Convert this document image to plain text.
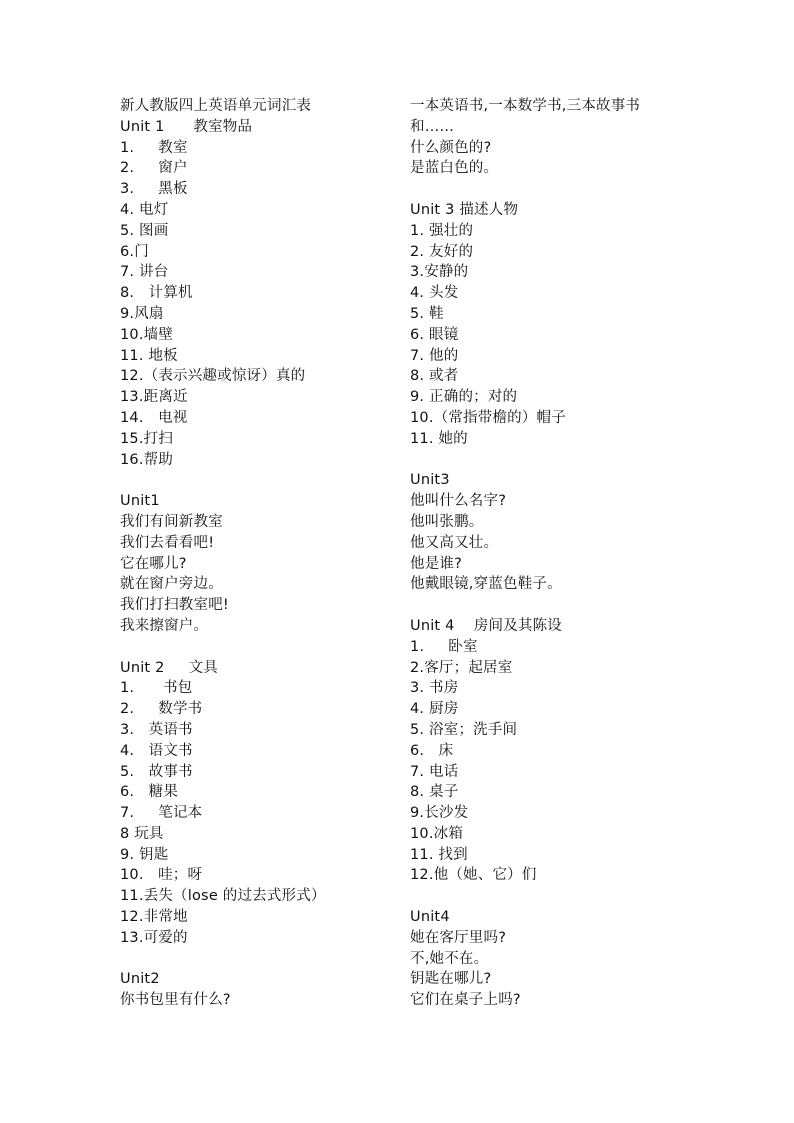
新人教版四上英语单元词汇表
Unit 1      教室物品
1.     教室
2.     窗户
3.     黑板
4. 电灯
5. 图画
6.门
7. 讲台
8.   计算机
9.风扇
10.墙壁
11. 地板
12.（表示兴趣或惊讶）真的
13.距离近
14.   电视
15.打扫
16.帮助
Unit1
我们有间新教室
我们去看看吧!
它在哪儿?
就在窗户旁边。
我们打扫教室吧!
我来擦窗户。
Unit 2     文具
1.      书包
2.     数学书
3.   英语书
4.   语文书
5.   故事书
6.   糖果
7.     笔记本
8 玩具
9. 钥匙
10.   哇；呀
11.丢失（lose 的过去式形式）
12.非常地
13.可爱的
Unit2
你书包里有什么?
一本英语书,一本数学书,三本故事书
和……
什么颜色的?
是蓝白色的。
Unit 3 描述人物
1. 强壮的
2. 友好的
3.安静的
4. 头发
5. 鞋
6. 眼镜
7. 他的
8. 或者
9. 正确的；对的
10.（常指带檐的）帽子
11. 她的
Unit3
他叫什么名字?
他叫张鹏。
他又高又壮。
他是谁?
他戴眼镜,穿蓝色鞋子。
Unit 4    房间及其陈设
1.     卧室
2.客厅；起居室
3. 书房
4. 厨房
5. 浴室；洗手间
6.   床
7. 电话
8. 桌子
9.长沙发
10.冰箱
11. 找到
12.他（她、它）们
Unit4
她在客厅里吗?
不,她不在。
钥匙在哪儿?
它们在桌子上吗?
